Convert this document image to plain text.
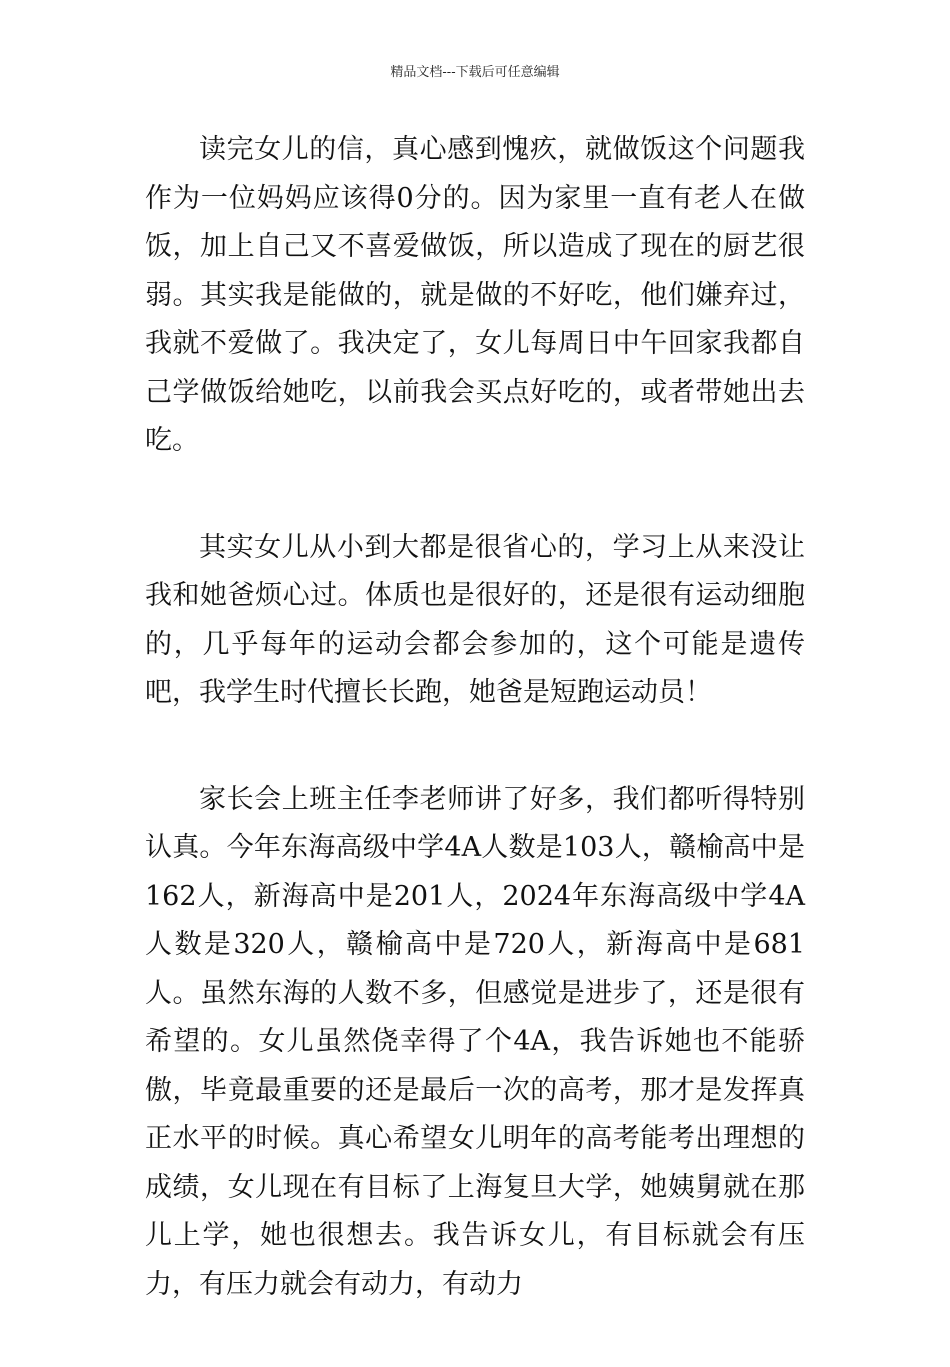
精品文档---下载后可任意编辑

读完女儿的信，真心感到愧疚，就做饭这个问题我作为一位妈妈应该得0分的。因为家里一直有老人在做饭，加上自己又不喜爱做饭，所以造成了现在的厨艺很弱。其实我是能做的，就是做的不好吃，他们嫌弃过，我就不爱做了。我决定了，女儿每周日中午回家我都自己学做饭给她吃，以前我会买点好吃的，或者带她出去吃。

其实女儿从小到大都是很省心的，学习上从来没让我和她爸烦心过。体质也是很好的，还是很有运动细胞的，几乎每年的运动会都会参加的，这个可能是遗传吧，我学生时代擅长长跑，她爸是短跑运动员！

家长会上班主任李老师讲了好多，我们都听得特别认真。今年东海高级中学4A人数是103人，赣榆高中是162人，新海高中是201人，2024年东海高级中学4A人数是320人，赣榆高中是720人，新海高中是681人。虽然东海的人数不多，但感觉是进步了，还是很有希望的。女儿虽然侥幸得了个4A，我告诉她也不能骄傲，毕竟最重要的还是最后一次的高考，那才是发挥真正水平的时候。真心希望女儿明年的高考能考出理想的成绩，女儿现在有目标了上海复旦大学，她姨舅就在那儿上学，她也很想去。我告诉女儿，有目标就会有压力，有压力就会有动力，有动力
